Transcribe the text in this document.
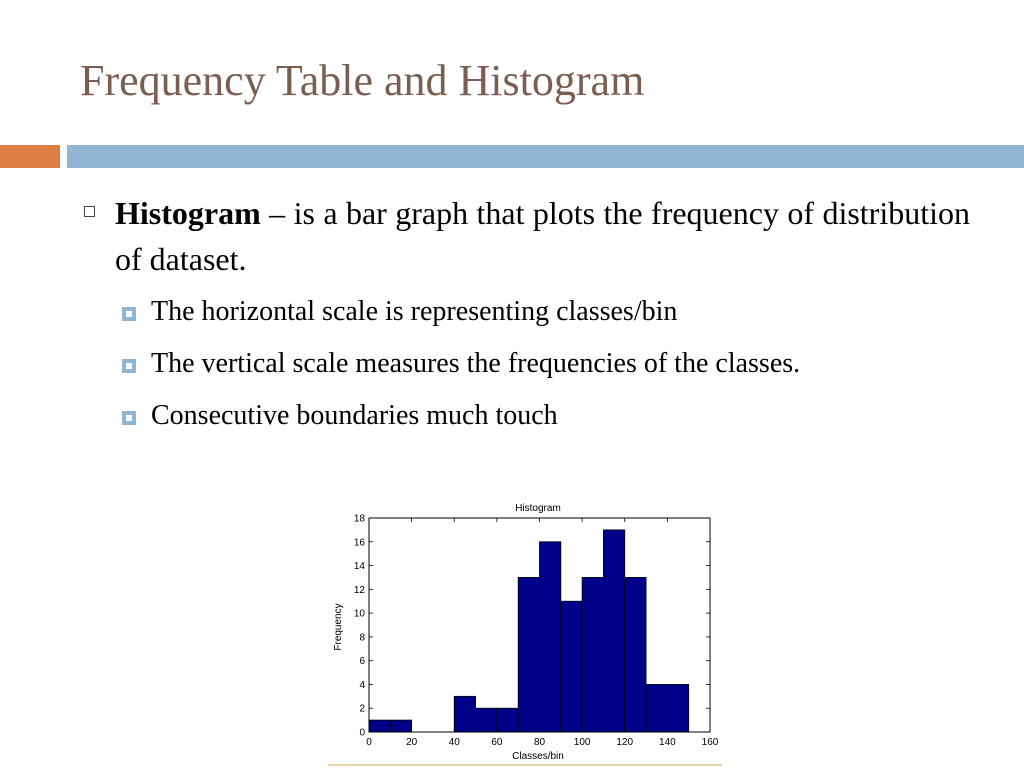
Frequency Table and Histogram
Histogram – is a bar graph that plots the frequency of distribution of dataset.
The horizontal scale is representing classes/bin
The vertical scale measures the frequencies of the classes.
Consecutive boundaries much touch
Histogram
Classes/bin
Frequency
0	20	40	60	80	100	120	140	160
0
2
4
6
8
10
12
14
16
18
